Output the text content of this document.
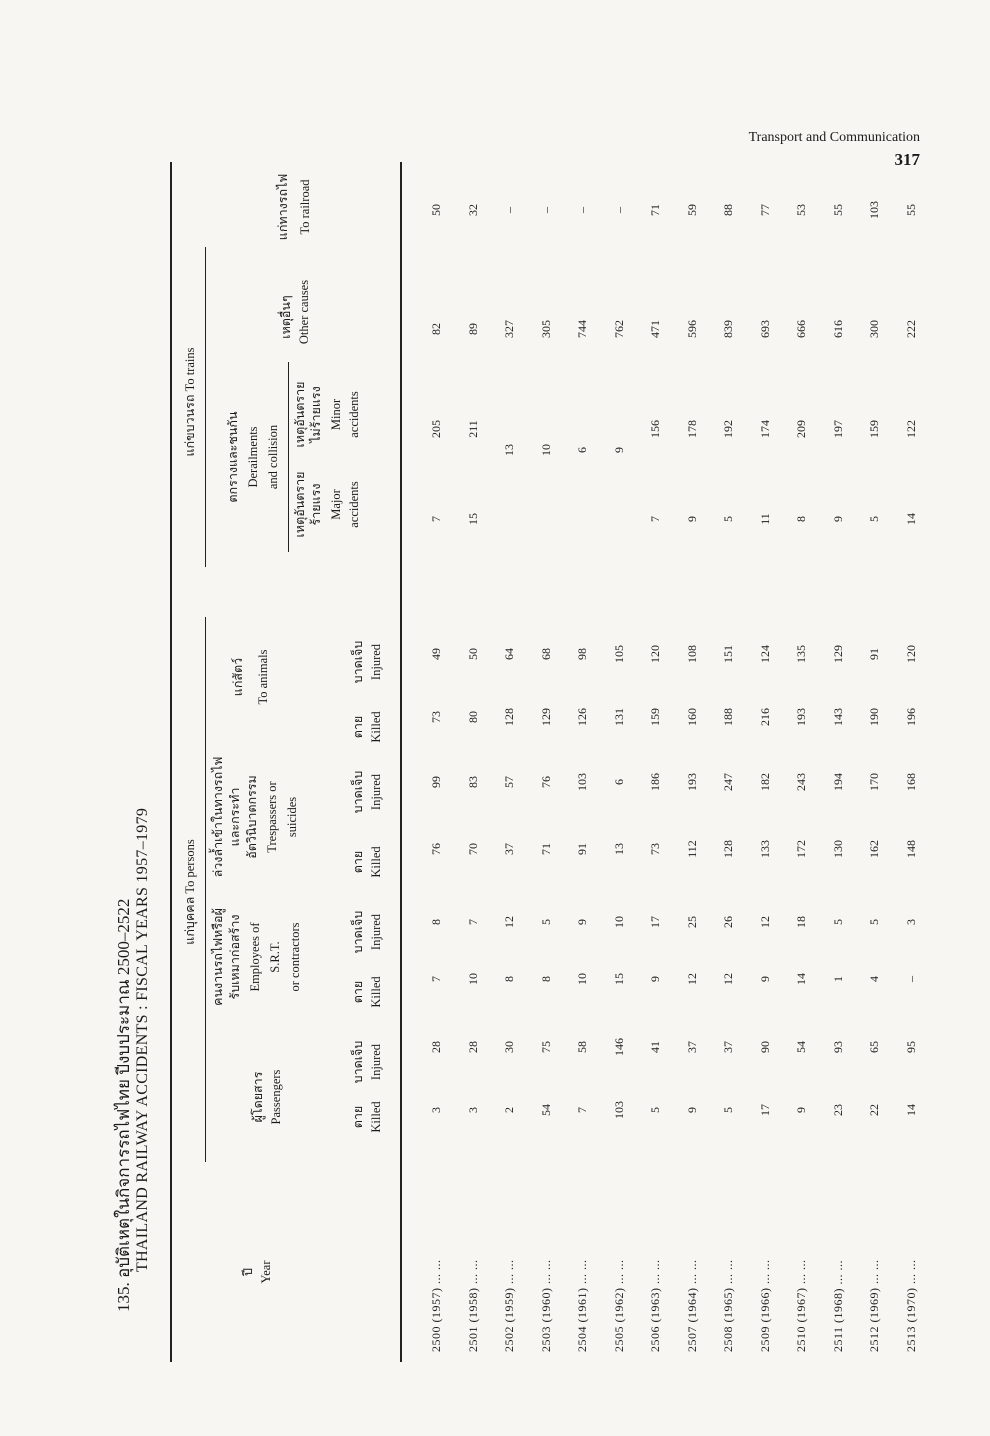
Transport and Communication
317
135. อุบัติเหตุในกิจการรถไฟไทย ปีงบประมาณ 2500–2522 THAILAND RAILWAY ACCIDENTS : FISCAL YEARS 1957–1979	ปี Year
แก่บุคคล To persons
แก่ขบวนรถ To trains
ผู้โดยสาร Passengers
คนงานรถไฟหรือผู้ รับเหมาก่อสร้าง Employees of S.R.T. or contractors
ล่วงล้ำเข้าในทางรถไฟ และกระทำ อัตวินิบาตกรรม Trespassers or suicides
แก่สัตว์ To animals
ตาย Killed
บาดเจ็บ Injured
ตาย Killed
บาดเจ็บ Injured
ตาย Killed
บาดเจ็บ Injured
ตาย Killed
บาดเจ็บ Injured
ตกรางและชนกัน Derailments and collision
เหตุอันตราย ร้ายแรง Major accidents
เหตุอันตราย ไม่ร้ายแรง Minor accidents
เหตุอื่นๆ Other causes
แก่ทางรถไฟ To railroad
2500 (1957) ... ...
3
28
7
8
76
99
73
49
7
205
82
50
2501 (1958) ... ...
3
28
10
7
70
83
80
50
15
211
89
32
2502 (1959) ... ...
2
30
8
12
37
57
128
64
13
327
–
2503 (1960) ... ...
54
75
8
5
71
76
129
68
10
305
–
2504 (1961) ... ...
7
58
10
9
91
103
126
98
6
744
–
2505 (1962) ... ...
103
146
15
10
13
6
131
105
9
762
–
2506 (1963) ... ...
5
41
9
17
73
186
159
120
7
156
471
71
2507 (1964) ... ...
9
37
12
25
112
193
160
108
9
178
596
59
2508 (1965) ... ...
5
37
12
26
128
247
188
151
5
192
839
88
2509 (1966) ... ...
17
90
9
12
133
182
216
124
11
174
693
77
2510 (1967) ... ...
9
54
14
18
172
243
193
135
8
209
666
53
2511 (1968) ... ...
23
93
1
5
130
194
143
129
9
197
616
55
2512 (1969) ... ...
22
65
4
5
162
170
190
91
5
159
300
103
2513 (1970) ... ...
14
95
–
3
148
168
196
120
14
122
222
55
